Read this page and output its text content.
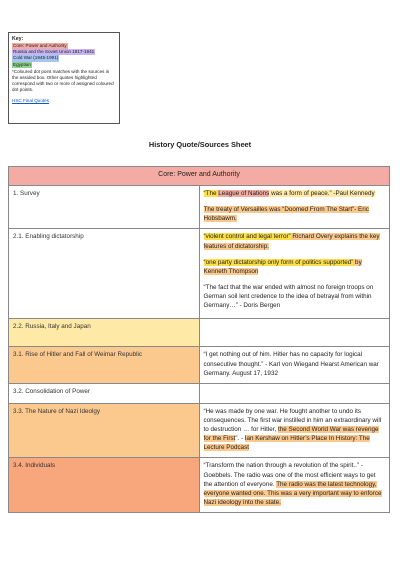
Key:
Core: Power and Authority
Russia and the Soviet Union 1917-1941
Cold War (1945-1991)
Egyptian
*Coloured dot point matches with the sources in the assided box. Other quotes highlighted correspond with two or more of assigned coloured dot points.
HSC Final Quotes
History Quote/Sources Sheet
Core: Power and Authority	
1. Survey	“The League of Nations was a form of peace.” -Paul Kennedy

The treaty of Versailles was “Doomed From The Start”- Eric Hobsbawm.

2.1. Enabling dictatorship	“violent control and legal terror” Richard Overy explains the key features of dictatorship.

“one party dictatorship only form of politics supported” by Kenneth Thompson

“The fact that the war ended with almost no foreign troops on German soil lent credence to the idea of betrayal from within Germany…” - Doris Bergen

2.2. Russia, Italy and Japan	
3.1. Rise of Hitler and Fall of Weimar Republic	“I get nothing out of him. Hitler has no capacity for logical consecutive thought.” - Karl von Wiegand Hearst American war Germany. August 17, 1932

3.2. Consolidation of Power	
3.3. The Nature of Nazi Ideolgy	“He was made by one war. He fought another to undo its consequences. The first war instilled in him an extraordinary will to destruction … for Hitler, the Second World War was revenge for the First”. - Ian Kershaw on Hitler’s Place In History: The Lecture Podcast

3.4. Individuals	“Transform the nation through a revolution of the spirit..” - Goebbels. The radio was one of the most efficient ways to get the attention of everyone. The radio was the latest technology, everyone wanted one. This was a very important way to enforce Nazi ideology into the state.
